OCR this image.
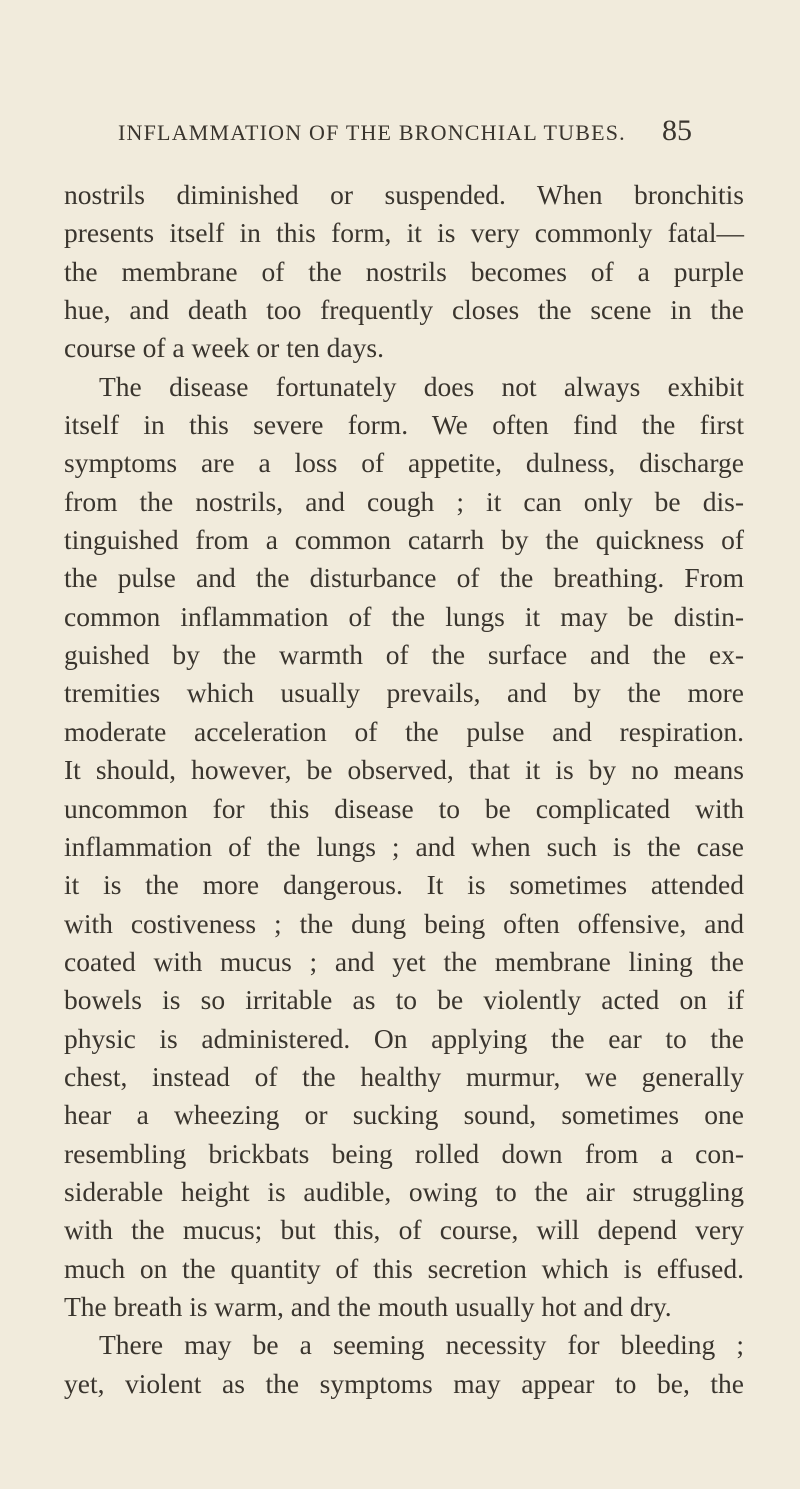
INFLAMMATION OF THE BRONCHIAL TUBES. 85
nostrils diminished or suspended. When bronchitis
presents itself in this form, it is very commonly fatal—
the membrane of the nostrils becomes of a purple
hue, and death too frequently closes the scene in the
course of a week or ten days.
The disease fortunately does not always exhibit
itself in this severe form. We often find the first
symptoms are a loss of appetite, dulness, discharge
from the nostrils, and cough ; it can only be dis-
tinguished from a common catarrh by the quickness of
the pulse and the disturbance of the breathing. From
common inflammation of the lungs it may be distin-
guished by the warmth of the surface and the ex-
tremities which usually prevails, and by the more
moderate acceleration of the pulse and respiration.
It should, however, be observed, that it is by no means
uncommon for this disease to be complicated with
inflammation of the lungs ; and when such is the case
it is the more dangerous. It is sometimes attended
with costiveness ; the dung being often offensive, and
coated with mucus ; and yet the membrane lining the
bowels is so irritable as to be violently acted on if
physic is administered. On applying the ear to the
chest, instead of the healthy murmur, we generally
hear a wheezing or sucking sound, sometimes one
resembling brickbats being rolled down from a con-
siderable height is audible, owing to the air struggling
with the mucus; but this, of course, will depend very
much on the quantity of this secretion which is effused.
The breath is warm, and the mouth usually hot and dry.
There may be a seeming necessity for bleeding ;
yet, violent as the symptoms may appear to be, the
